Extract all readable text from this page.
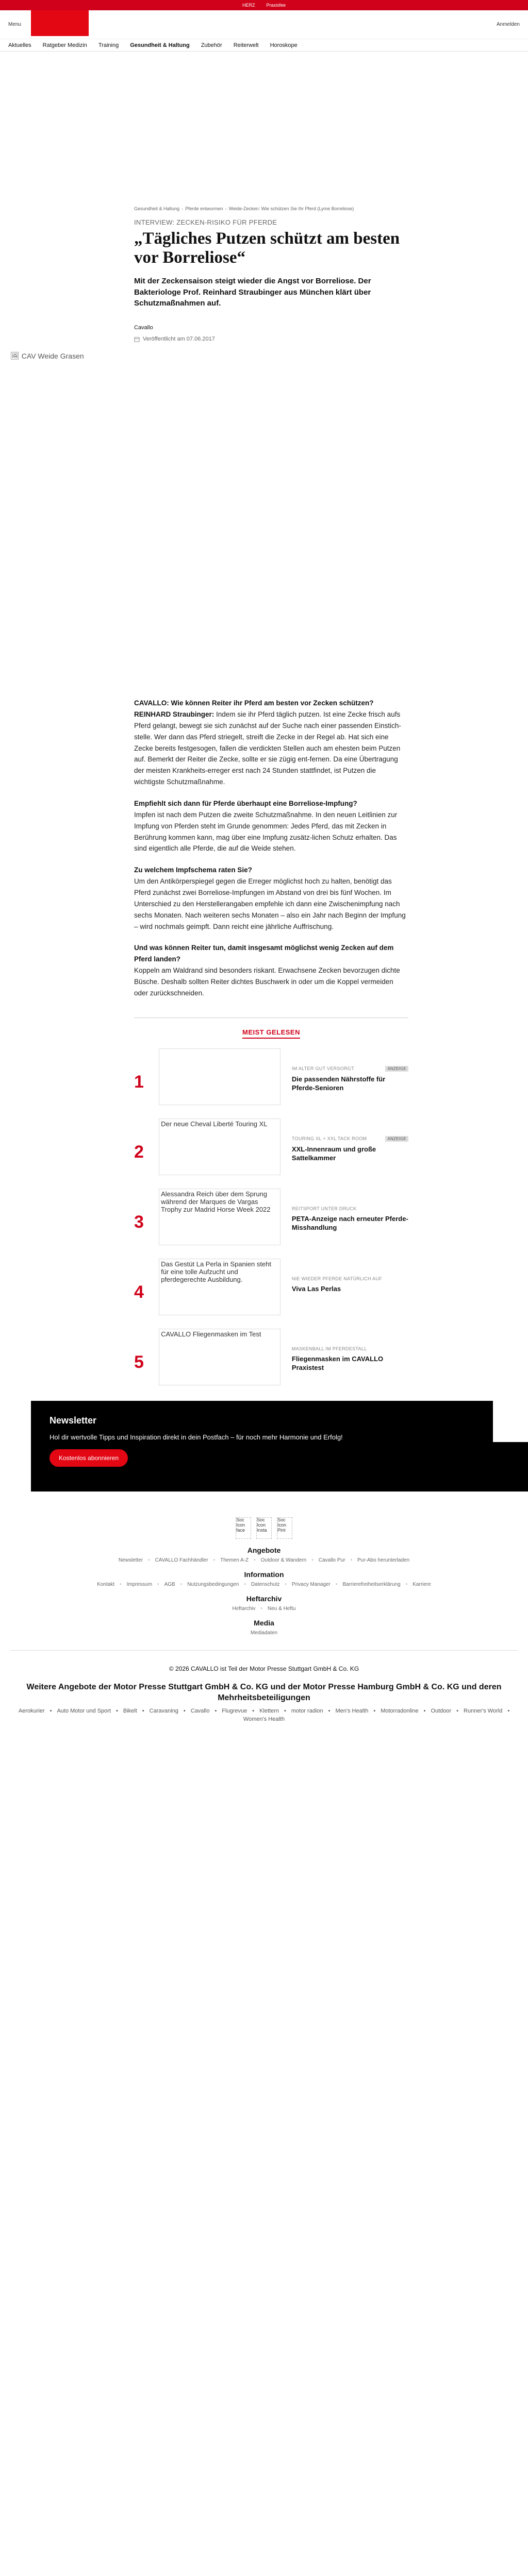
HERZ Praxisfee
Menu	Anmelden
Aktuelles Ratgeber Medizin Training Gesundheit & Haltung Zubehör Reiterwelt Horoskope
Gesundheit & Haltung › Pferde entwurmen › Weide-Zecken: Wie schützen Sie Ihr Pferd (Lyme Borreliose)
INTERVIEW: ZECKEN-RISIKO FÜR PFERDE
„Tägliches Putzen schützt am besten vor Borreliose“
Mit der Zeckensaison steigt wieder die Angst vor Borreliose. Der Bakteriologe Prof. Reinhard Straubinger aus München klärt über Schutzmaßnahmen auf.
Cavallo
Veröffentlicht am 07.06.2017
🖼 CAV Weide Grasen

CAVALLO: Wie können Reiter ihr Pferd am besten vor Zecken schützen?
REINHARD Straubinger: Indem sie ihr Pferd täglich putzen. Ist eine Zecke frisch aufs Pferd gelangt, bewegt sie sich zunächst auf der Suche nach einer passenden Einstich-stelle. Wer dann das Pferd striegelt, streift die Zecke in der Regel ab. Hat sich eine Zecke bereits festgesogen, fallen die verdickten Stellen auch am ehesten beim Putzen auf. Bemerkt der Reiter die Zecke, sollte er sie zügig ent-fernen. Da eine Übertragung der meisten Krankheits-erreger erst nach 24 Stunden stattfindet, ist Putzen die wichtigste Schutzmaßnahme.

Empfiehlt sich dann für Pferde überhaupt eine Borreliose-Impfung?
Impfen ist nach dem Putzen die zweite Schutzmaßnahme. In den neuen Leitlinien zur Impfung von Pferden steht im Grunde genommen: Jedes Pferd, das mit Zecken in Berührung kommen kann, mag über eine Impfung zusätz-lichen Schutz erhalten. Das sind eigentlich alle Pferde, die auf die Weide stehen.

Zu welchem Impfschema raten Sie?
Um den Antikörperspiegel gegen die Erreger möglichst hoch zu halten, benötigt das Pferd zunächst zwei Borreliose-Impfungen im Abstand von drei bis fünf Wochen. Im Unterschied zu den Herstellerangaben empfehle ich dann eine Zwischenimpfung nach sechs Monaten. Nach weiteren sechs Monaten – also ein Jahr nach Beginn der Impfung – wird nochmals geimpft. Dann reicht eine jährliche Auffrischung.

Und was können Reiter tun, damit insgesamt möglichst wenig Zecken auf dem Pferd landen?
Koppeln am Waldrand sind besonders riskant. Erwachsene Zecken bevorzugen dichte Büsche. Deshalb sollten Reiter dichtes Buschwerk in oder um die Koppel vermeiden oder zurückschneiden.

MEIST GELESEN
1
IM ALTER GUT VERSORGT	ANZEIGE
Die passenden Nährstoffe für Pferde-Senioren
2
Der neue Cheval Liberté Touring XL
TOURING XL + XXL TACK ROOM	ANZEIGE
XXL-Innenraum und große Sattelkammer
3
Alessandra Reich über dem Sprung während der Marques de Vargas Trophy zur Madrid Horse Week 2022	REITSPORT UNTER DRUCK
PETA-Anzeige nach erneuter Pferde-Misshandlung
4
Das Gestüt La Perla in Spanien steht für eine tolle Aufzucht und pferdegerechte Ausbildung.	NIE WIEDER PFERDE NATÜRLICH AUF
Viva Las Perlas
5
CAVALLO Fliegenmasken im Test
MASKENBALL IM PFERDESTALL
Fliegenmasken im CAVALLO Praxistest
Newsletter
Hol dir wertvolle Tipps und Inspiration direkt in dein Postfach – für noch mehr Harmonie und Erfolg!
Kostenlos abonnieren
Soc Icon face
Soc Icon Insta
Soc Icon Pint
Angebote
Newsletter • CAVALLO Fachhändler • Themen A-Z • Outdoor & Wandern • Cavallo Pur • Pur-Abo herunterladen
Information
Kontakt • Impressum • AGB • Nutzungsbedingungen • Datenschutz • Privacy Manager • Barrierefreiheitserklärung • Karriere
Heftarchiv
Heftarchiv • Neu & Heftu
Media
Mediadaten
© 2026 CAVALLO ist Teil der Motor Presse Stuttgart GmbH & Co. KG
Weitere Angebote der Motor Presse Stuttgart GmbH & Co. KG und der Motor Presse Hamburg GmbH & Co. KG und deren Mehrheitsbeteiligungen
Aerokurier • Auto Motor und Sport • Bikelt • Caravaning • Cavallo • Flugrevue • Klettern • motor radion • Men's Health • Motorradonline • Outdoor • Runner's World •
Women's Health
